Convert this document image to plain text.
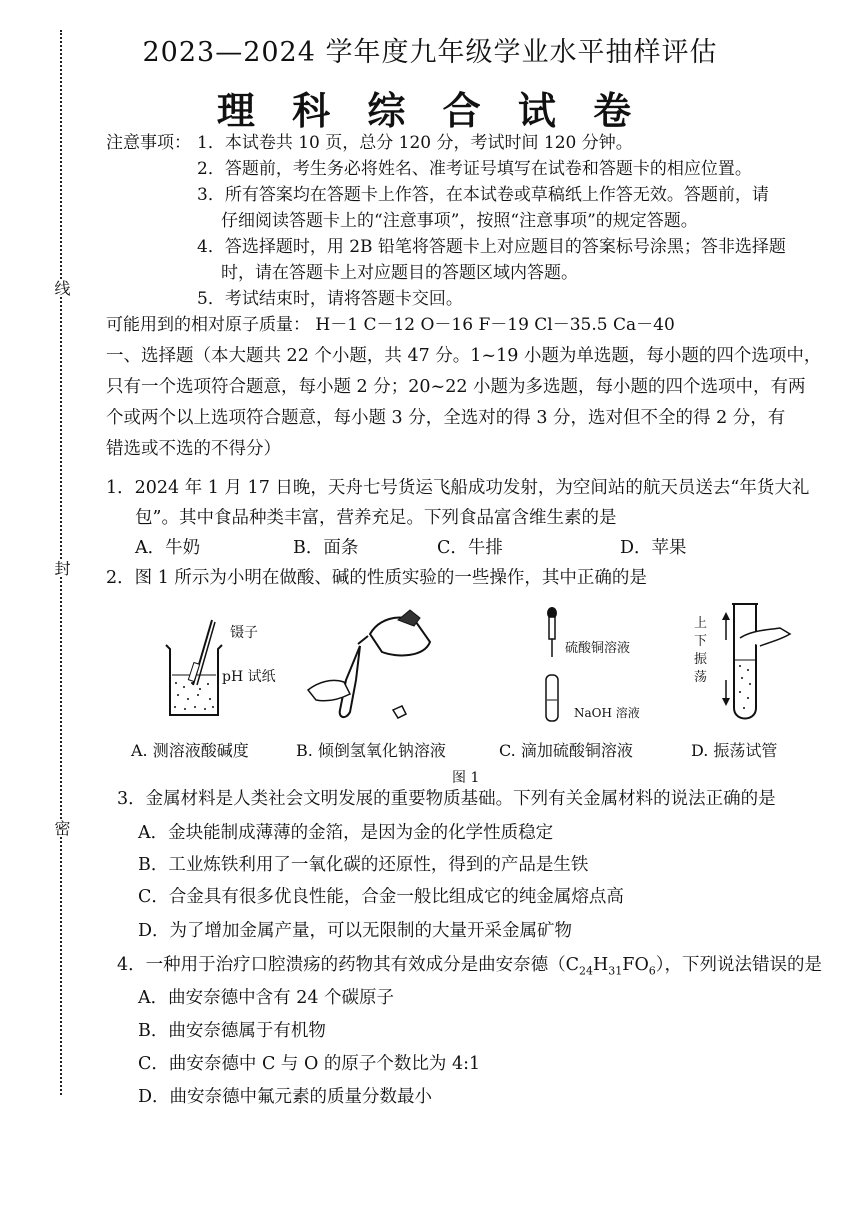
线
封
密
2023—2024 学年度九年级学业水平抽样评估
理 科 综 合 试 卷
注意事项： 1．本试卷共 10 页，总分 120 分，考试时间 120 分钟。
2．答题前，考生务必将姓名、准考证号填写在试卷和答题卡的相应位置。
3．所有答案均在答题卡上作答，在本试卷或草稿纸上作答无效。答题前，请
仔细阅读答题卡上的“注意事项”，按照“注意事项”的规定答题。
4．答选择题时，用 2B 铅笔将答题卡上对应题目的答案标号涂黑；答非选择题
时，请在答题卡上对应题目的答题区域内答题。
5．考试结束时，请将答题卡交回。
可能用到的相对原子质量： H－1 C－12 O－16 F－19 Cl－35.5 Ca－40
一、选择题（本大题共 22 个小题，共 47 分。1~19 小题为单选题，每小题的四个选项中，
只有一个选项符合题意，每小题 2 分；20~22 小题为多选题，每小题的四个选项中，有两
个或两个以上选项符合题意，每小题 3 分，全选对的得 3 分，选对但不全的得 2 分，有
错选或不选的不得分）
1．2024 年 1 月 17 日晚，天舟七号货运飞船成功发射，为空间站的航天员送去“年货大礼
包”。其中食品种类丰富，营养充足。下列食品富含维生素的是
A．牛奶	B．面条	C．牛排	D．苹果
2．图 1 所示为小明在做酸、碱的性质实验的一些操作，其中正确的是
镊子
pH 试纸
硫酸铜溶液
NaOH 溶液
上
下
振
荡
A. 测溶液酸碱度	B. 倾倒氢氧化钠溶液	C. 滴加硫酸铜溶液	D. 振荡试管
图 1
3．金属材料是人类社会文明发展的重要物质基础。下列有关金属材料的说法正确的是
A．金块能制成薄薄的金箔，是因为金的化学性质稳定
B．工业炼铁利用了一氧化碳的还原性，得到的产品是生铁
C．合金具有很多优良性能，合金一般比组成它的纯金属熔点高
D．为了增加金属产量，可以无限制的大量开采金属矿物
4．一种用于治疗口腔溃疡的药物其有效成分是曲安奈德$(C_{24}H_{31}FO_6)$，下列说法错误的是
A．曲安奈德中含有 24 个碳原子
B．曲安奈德属于有机物
C．曲安奈德中 C 与 O 的原子个数比为 4:1
D．曲安奈德中氟元素的质量分数最小
